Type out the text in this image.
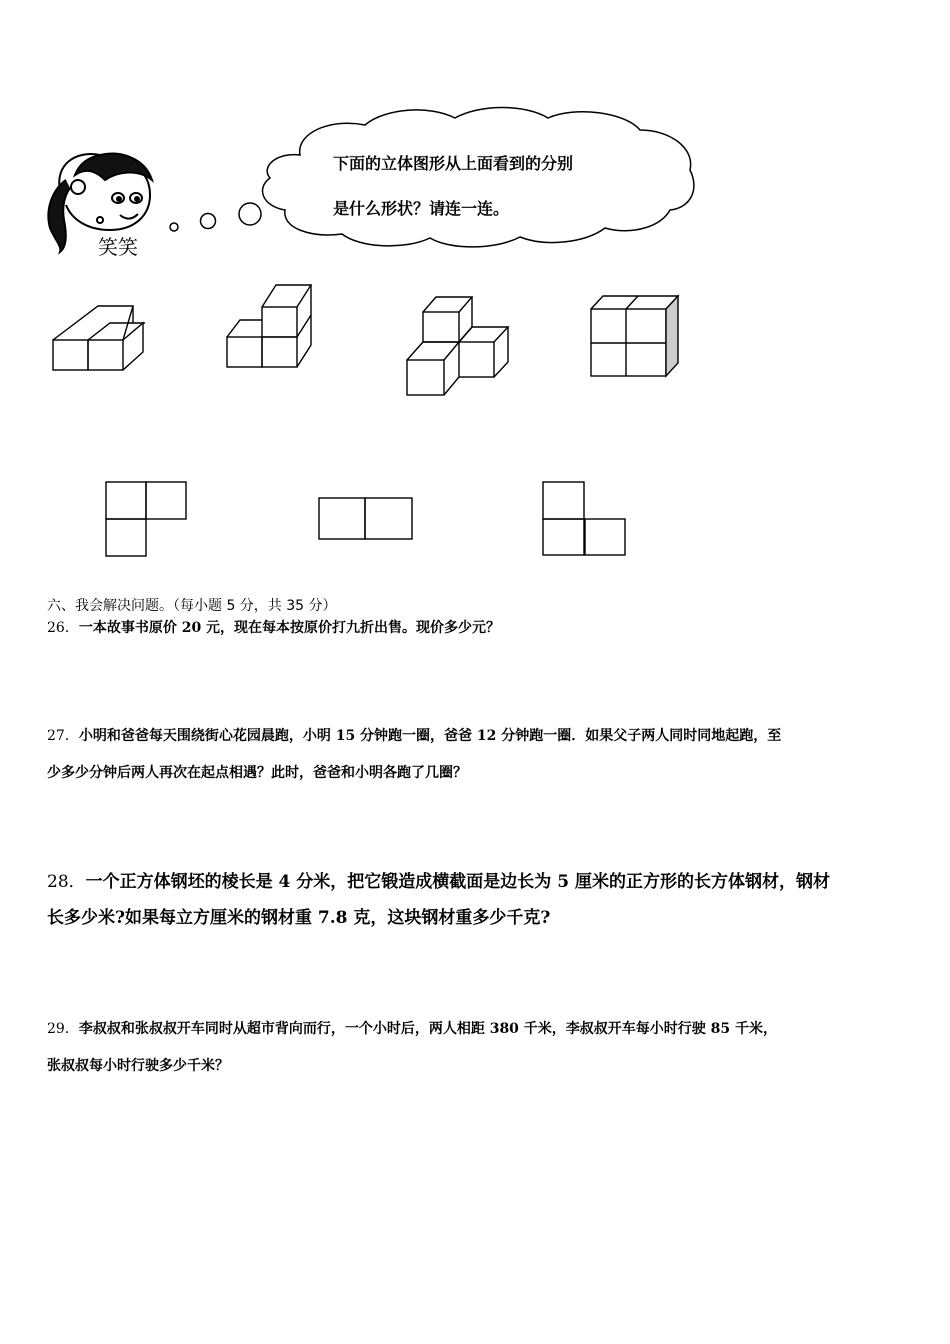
笑笑
下面的立体图形从上面看到的分别
是什么形状？请连一连。
六、我会解决问题。（每小题 5 分，共 35 分）
26．一本故事书原价 20 元，现在每本按原价打九折出售。现价多少元？
27．小明和爸爸每天围绕街心花园晨跑，小明 15 分钟跑一圈，爸爸 12 分钟跑一圈．如果父子两人同时同地起跑，至
少多少分钟后两人再次在起点相遇？此时，爸爸和小明各跑了几圈？
28．一个正方体钢坯的棱长是 4 分米，把它锻造成横截面是边长为 5 厘米的正方形的长方体钢材，钢材
长多少米?如果每立方厘米的钢材重 7.8 克，这块钢材重多少千克?
29．李叔叔和张叔叔开车同时从超市背向而行，一个小时后，两人相距 380 千米，李叔叔开车每小时行驶 85 千米，
张叔叔每小时行驶多少千米？
